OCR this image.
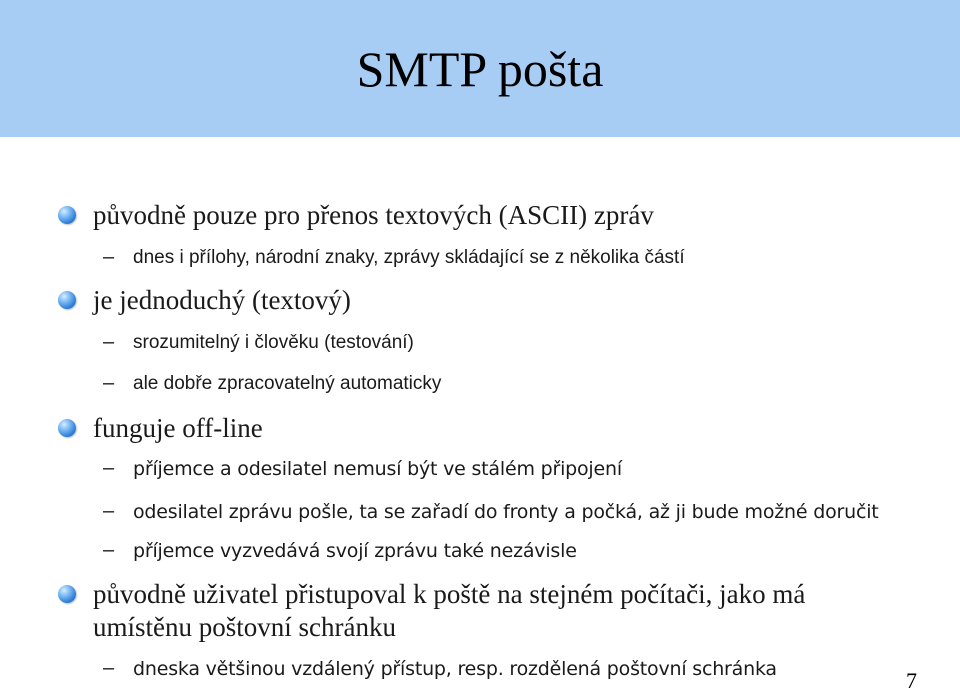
SMTP pošta
původně pouze pro přenos textových (ASCII) zpráv
– dnes i přílohy, národní znaky, zprávy skládající se z několika částí
je jednoduchý (textový)
– srozumitelný i člověku (testování)
– ale dobře zpracovatelný automaticky
funguje off-line
– příjemce a odesilatel nemusí být ve stálém připojení
– odesilatel zprávu pošle, ta se zařadí do fronty a počká, až ji bude možné doručit
– příjemce vyzvedává svojí zprávu také nezávisle
původně uživatel přistupoval k poště na stejném počítači, jako má
umístěnu poštovní schránku
– dneska většinou vzdálený přístup, resp. rozdělená poštovní schránka	7
